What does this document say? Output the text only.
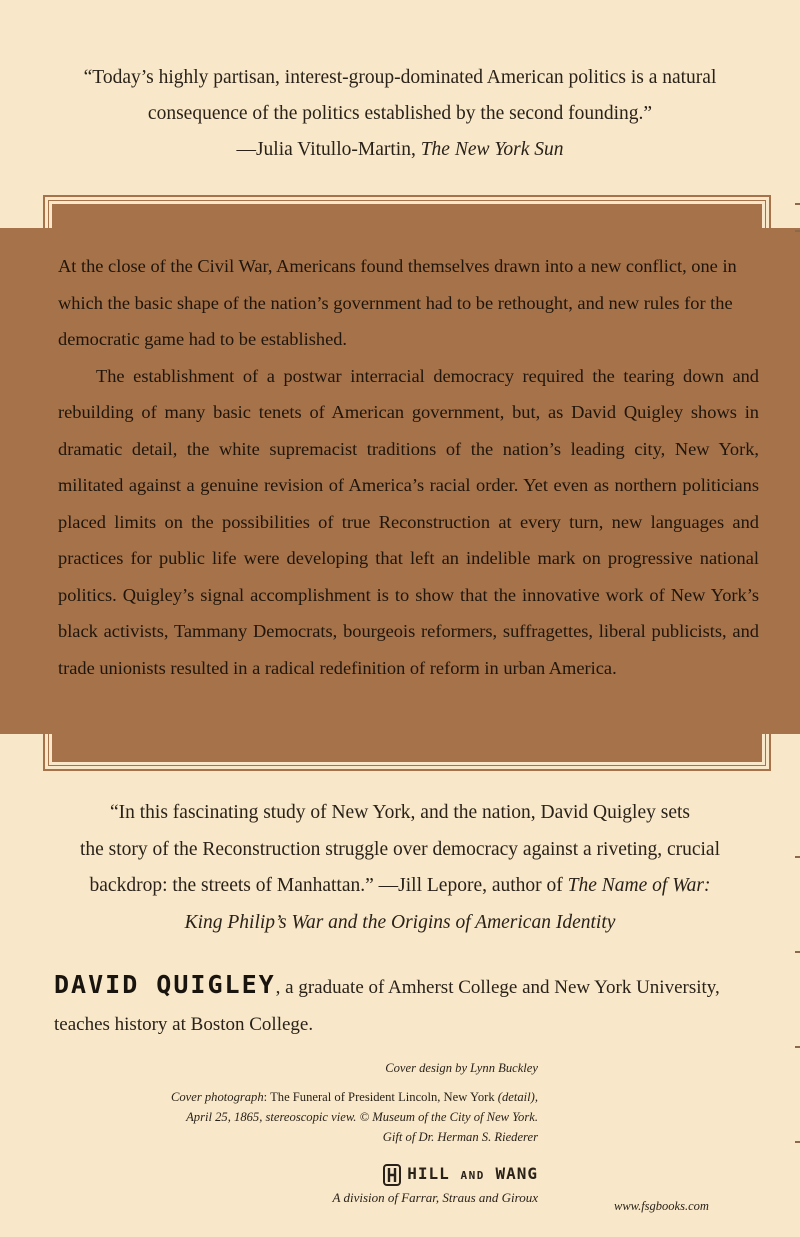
“Today’s highly partisan, interest-group-dominated American politics is a natural

consequence of the politics established by the second founding.”

—Julia Vitullo-Martin, The New York Sun

At the close of the Civil War, Americans found themselves drawn into a new conflict, one in which the basic shape of the nation’s government had to be rethought, and new rules for the democratic game had to be established.

The establishment of a postwar interracial democracy required the tearing down and rebuilding of many basic tenets of American government, but, as David Quigley shows in dramatic detail, the white supremacist traditions of the nation’s leading city, New York, militated against a genuine revision of America’s racial order. Yet even as northern politicians placed limits on the possibilities of true Reconstruction at every turn, new languages and practices for public life were developing that left an indelible mark on progressive national politics. Quigley’s signal accomplishment is to show that the innovative work of New York’s black activists, Tammany Democrats, bourgeois reformers, suffragettes, liberal publicists, and trade unionists resulted in a radical redefinition of reform in urban America.

“In this fascinating study of New York, and the nation, David Quigley sets

the story of the Reconstruction struggle over democracy against a riveting, crucial

backdrop: the streets of Manhattan.” —Jill Lepore, author of The Name of War:

King Philip’s War and the Origins of American Identity

DAVID QUIGLEY, a graduate of Amherst College and New York University,
teaches history at Boston College.

Cover design by Lynn Buckley

Cover photograph: The Funeral of President Lincoln, New York (detail),

April 25, 1865, stereoscopic view. © Museum of the City of New York.

Gift of Dr. Herman S. Riederer

HILL AND WANG
A division of Farrar, Straus and Giroux
www.fsgbooks.com
